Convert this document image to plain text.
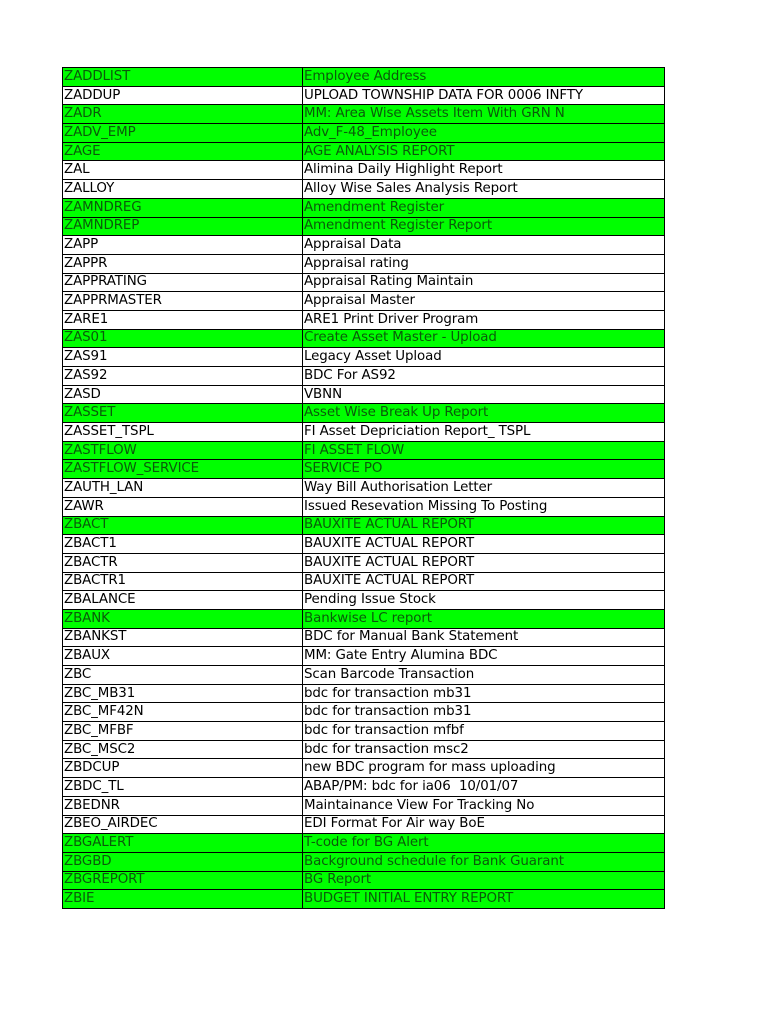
ZADDLIST	Employee Address
ZADDUP	UPLOAD TOWNSHIP DATA FOR 0006 INFTY
ZADR	MM: Area Wise Assets Item With GRN N
ZADV_EMP	Adv_F-48_Employee
ZAGE	AGE ANALYSIS REPORT
ZAL	Alimina Daily Highlight Report
ZALLOY	Alloy Wise Sales Analysis Report
ZAMNDREG	Amendment Register
ZAMNDREP	Amendment Register Report
ZAPP	Appraisal Data
ZAPPR	Appraisal rating
ZAPPRATING	Appraisal Rating Maintain
ZAPPRMASTER	Appraisal Master
ZARE1	ARE1 Print Driver Program
ZAS01	Create Asset Master - Upload
ZAS91	Legacy Asset Upload
ZAS92	BDC For AS92
ZASD	VBNN
ZASSET	Asset Wise Break Up Report
ZASSET_TSPL	FI Asset Depriciation Report_ TSPL
ZASTFLOW	FI ASSET FLOW
ZASTFLOW_SERVICE	SERVICE PO
ZAUTH_LAN	Way Bill Authorisation Letter
ZAWR	Issued Resevation Missing To Posting
ZBACT	BAUXITE ACTUAL REPORT
ZBACT1	BAUXITE ACTUAL REPORT
ZBACTR	BAUXITE ACTUAL REPORT
ZBACTR1	BAUXITE ACTUAL REPORT
ZBALANCE	Pending Issue Stock
ZBANK	Bankwise LC report
ZBANKST	BDC for Manual Bank Statement
ZBAUX	MM: Gate Entry Alumina BDC
ZBC	Scan Barcode Transaction
ZBC_MB31	bdc for transaction mb31
ZBC_MF42N	bdc for transaction mb31
ZBC_MFBF	bdc for transaction mfbf
ZBC_MSC2	bdc for transaction msc2
ZBDCUP	new BDC program for mass uploading
ZBDC_TL	ABAP/PM: bdc for ia06  10/01/07
ZBEDNR	Maintainance View For Tracking No
ZBEO_AIRDEC	EDI Format For Air way BoE
ZBGALERT	T-code for BG Alert
ZBGBD	Background schedule for Bank Guarant
ZBGREPORT	BG Report
ZBIE	BUDGET INITIAL ENTRY REPORT
